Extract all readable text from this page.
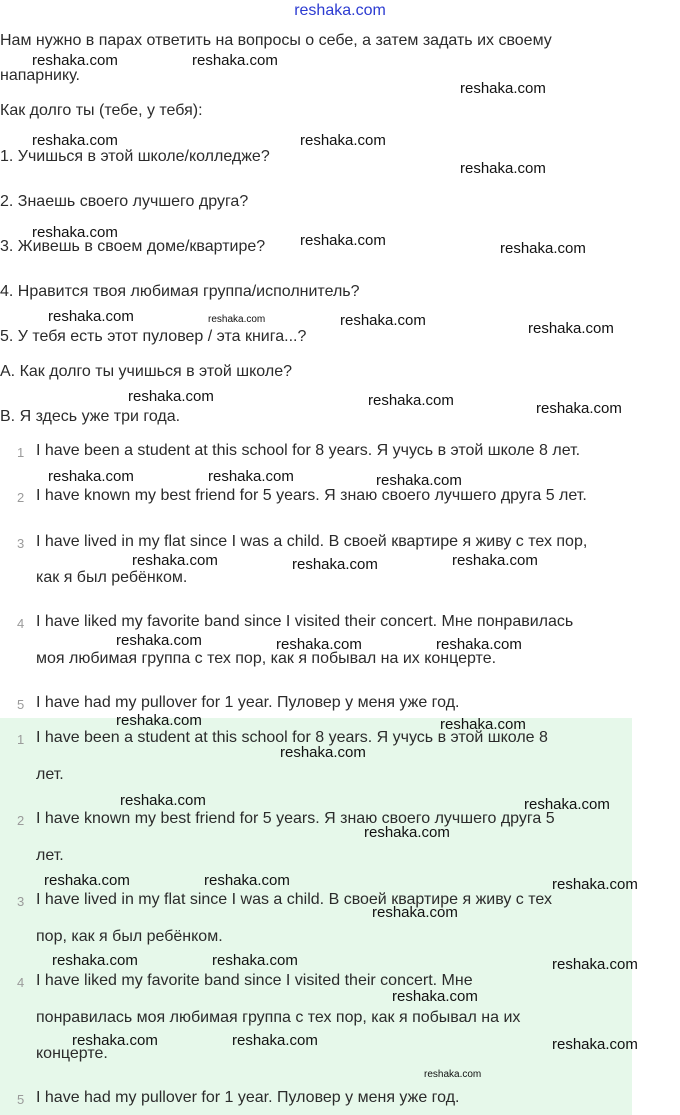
reshaka.com
Нам нужно в парах ответить на вопросы о себе, а затем задать их своему
напарнику.
Как долго ты (тебе, у тебя):
1. Учишься в этой школе/колледже?
2. Знаешь своего лучшего друга?
3. Живешь в своем доме/квартире?
4. Нравится твоя любимая группа/исполнитель?
5. У тебя есть этот пуловер / эта книга...?
A. Как долго ты учишься в этой школе?
B. Я здесь уже три года.
1 I have been a student at this school for 8 years. Я учусь в этой школе 8 лет.
2 I have known my best friend for 5 years. Я знаю своего лучшего друга 5 лет.
3 I have lived in my flat since I was a child. В своей квартире я живу с тех пор,
как я был ребёнком.
4 I have liked my favorite band since I visited their concert. Мне понравилась
моя любимая группа с тех пор, как я побывал на их концерте.
5 I have had my pullover for 1 year. Пуловер у меня уже год.
1 I have been a student at this school for 8 years. Я учусь в этой школе 8
лет.
2 I have known my best friend for 5 years. Я знаю своего лучшего друга 5
лет.
3 I have lived in my flat since I was a child. В своей квартире я живу с тех
пор, как я был ребёнком.
4 I have liked my favorite band since I visited their concert. Мне
понравилась моя любимая группа с тех пор, как я побывал на их
концерте.
5 I have had my pullover for 1 year. Пуловер у меня уже год.
reshaka.com	reshaka.com
reshaka.com
reshaka.com	reshaka.com
reshaka.com
reshaka.com	reshaka.com	reshaka.com
reshaka.com	reshaka.com	reshaka.com	reshaka.com
reshaka.com	reshaka.com	reshaka.com
reshaka.com	reshaka.com	reshaka.com
reshaka.com	reshaka.com	reshaka.com
reshaka.com	reshaka.com	reshaka.com
reshaka.com	reshaka.com
reshaka.com
reshaka.com	reshaka.com
reshaka.com
reshaka.com	reshaka.com	reshaka.com
reshaka.com
reshaka.com	reshaka.com	reshaka.com
reshaka.com
reshaka.com	reshaka.com	reshaka.com
reshaka.com
